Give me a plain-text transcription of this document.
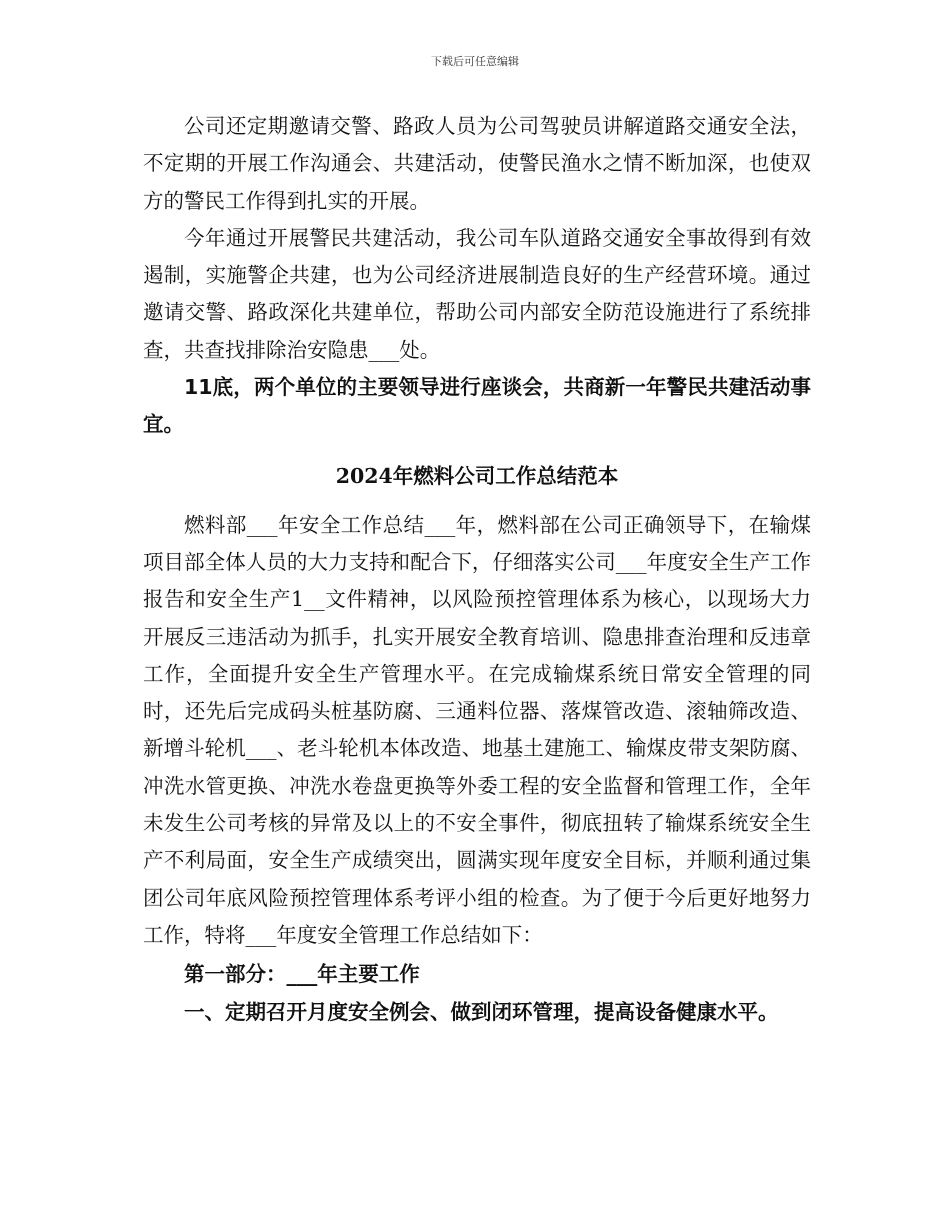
下载后可任意编辑

公司还定期邀请交警、路政人员为公司驾驶员讲解道路交通安全法，不定期的开展工作沟通会、共建活动，使警民渔水之情不断加深，也使双方的警民工作得到扎实的开展。

今年通过开展警民共建活动，我公司车队道路交通安全事故得到有效遏制，实施警企共建，也为公司经济进展制造良好的生产经营环境。通过邀请交警、路政深化共建单位，帮助公司内部安全防范设施进行了系统排查，共查找排除治安隐患___处。

11底，两个单位的主要领导进行座谈会，共商新一年警民共建活动事宜。

2024年燃料公司工作总结范本

燃料部___年安全工作总结___年，燃料部在公司正确领导下，在输煤项目部全体人员的大力支持和配合下，仔细落实公司___年度安全生产工作报告和安全生产1__文件精神，以风险预控管理体系为核心，以现场大力开展反三违活动为抓手，扎实开展安全教育培训、隐患排查治理和反违章工作，全面提升安全生产管理水平。在完成输煤系统日常安全管理的同时，还先后完成码头桩基防腐、三通料位器、落煤管改造、滚轴筛改造、新增斗轮机___、老斗轮机本体改造、地基土建施工、输煤皮带支架防腐、冲洗水管更换、冲洗水卷盘更换等外委工程的安全监督和管理工作，全年未发生公司考核的异常及以上的不安全事件，彻底扭转了输煤系统安全生产不利局面，安全生产成绩突出，圆满实现年度安全目标，并顺利通过集团公司年底风险预控管理体系考评小组的检查。为了便于今后更好地努力工作，特将___年度安全管理工作总结如下：

第一部分：___年主要工作

一、定期召开月度安全例会、做到闭环管理，提高设备健康水平。
